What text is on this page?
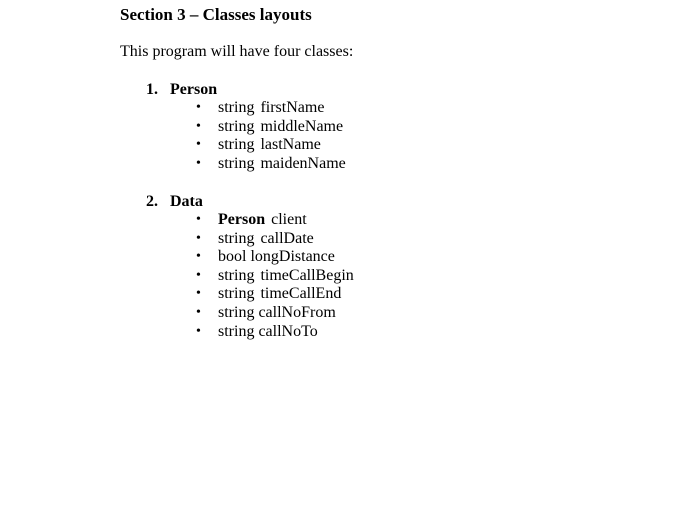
Section 3 – Classes layouts
This program will have four classes:
1. Person
• string firstName
• string middleName
• string lastName
• string maidenName
2. Data
• Person client
• string callDate
• bool longDistance
• string timeCallBegin
• string timeCallEnd
• string callNoFrom
• string callNoTo
